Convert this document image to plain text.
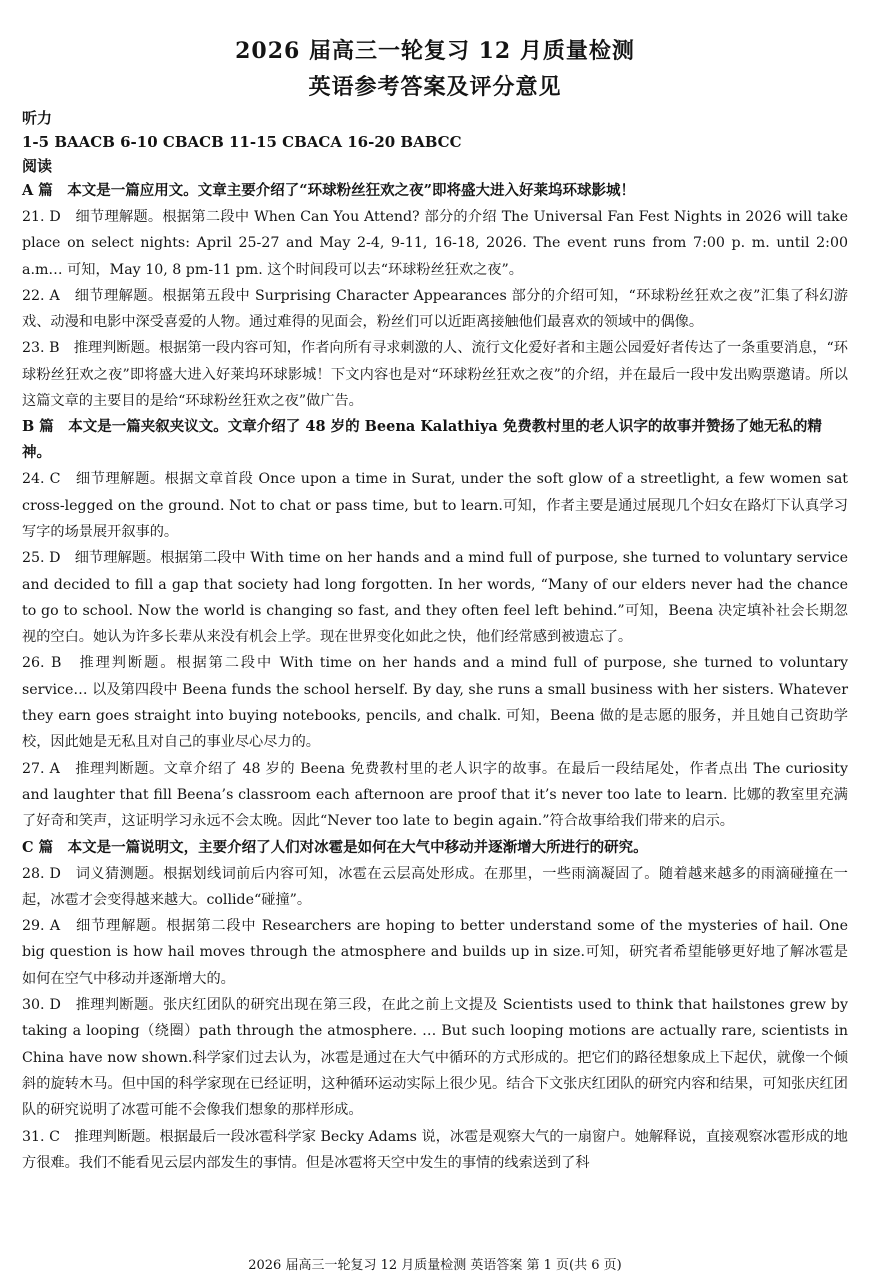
2026 届高三一轮复习 12 月质量检测
英语参考答案及评分意见

听力

1-5 BAACB 6-10 CBACB 11-15 CBACA 16-20 BABCC

阅读

A 篇　本文是一篇应用文。文章主要介绍了“环球粉丝狂欢之夜”即将盛大进入好莱坞环球影城！

21. D　细节理解题。根据第二段中 When Can You Attend? 部分的介绍 The Universal Fan Fest Nights in 2026 will take place on select nights: April 25-27 and May 2-4, 9-11, 16-18, 2026. The event runs from 7:00 p. m. until 2:00 a.m… 可知，May 10, 8 pm-11 pm. 这个时间段可以去“环球粉丝狂欢之夜”。

22. A　细节理解题。根据第五段中 Surprising Character Appearances 部分的介绍可知，“环球粉丝狂欢之夜”汇集了科幻游戏、动漫和电影中深受喜爱的人物。通过难得的见面会，粉丝们可以近距离接触他们最喜欢的领域中的偶像。

23. B　推理判断题。根据第一段内容可知，作者向所有寻求刺激的人、流行文化爱好者和主题公园爱好者传达了一条重要消息，“环球粉丝狂欢之夜”即将盛大进入好莱坞环球影城！下文内容也是对“环球粉丝狂欢之夜”的介绍，并在最后一段中发出购票邀请。所以这篇文章的主要目的是给“环球粉丝狂欢之夜”做广告。

B 篇　本文是一篇夹叙夹议文。文章介绍了 48 岁的 Beena Kalathiya 免费教村里的老人识字的故事并赞扬了她无私的精神。

24. C　细节理解题。根据文章首段 Once upon a time in Surat, under the soft glow of a streetlight, a few women sat cross-legged on the ground. Not to chat or pass time, but to learn.可知，作者主要是通过展现几个妇女在路灯下认真学习写字的场景展开叙事的。

25. D　细节理解题。根据第二段中 With time on her hands and a mind full of purpose, she turned to voluntary service and decided to fill a gap that society had long forgotten. In her words, “Many of our elders never had the chance to go to school. Now the world is changing so fast, and they often feel left behind.”可知，Beena 决定填补社会长期忽视的空白。她认为许多长辈从来没有机会上学。现在世界变化如此之快，他们经常感到被遗忘了。

26. B　推理判断题。根据第二段中 With time on her hands and a mind full of purpose, she turned to voluntary service… 以及第四段中 Beena funds the school herself. By day, she runs a small business with her sisters. Whatever they earn goes straight into buying notebooks, pencils, and chalk. 可知，Beena 做的是志愿的服务，并且她自己资助学校，因此她是无私且对自己的事业尽心尽力的。

27. A　推理判断题。文章介绍了 48 岁的 Beena 免费教村里的老人识字的故事。在最后一段结尾处，作者点出 The curiosity and laughter that fill Beena’s classroom each afternoon are proof that it’s never too late to learn. 比娜的教室里充满了好奇和笑声，这证明学习永远不会太晚。因此“Never too late to begin again.”符合故事给我们带来的启示。

C 篇　本文是一篇说明文，主要介绍了人们对冰雹是如何在大气中移动并逐渐增大所进行的研究。

28. D　词义猜测题。根据划线词前后内容可知，冰雹在云层高处形成。在那里，一些雨滴凝固了。随着越来越多的雨滴碰撞在一起，冰雹才会变得越来越大。collide“碰撞”。

29. A　细节理解题。根据第二段中 Researchers are hoping to better understand some of the mysteries of hail. One big question is how hail moves through the atmosphere and builds up in size.可知，研究者希望能够更好地了解冰雹是如何在空气中移动并逐渐增大的。

30. D　推理判断题。张庆红团队的研究出现在第三段，在此之前上文提及 Scientists used to think that hailstones grew by taking a looping（绕圈）path through the atmosphere. … But such looping motions are actually rare, scientists in China have now shown.科学家们过去认为，冰雹是通过在大气中循环的方式形成的。把它们的路径想象成上下起伏，就像一个倾斜的旋转木马。但中国的科学家现在已经证明，这种循环运动实际上很少见。结合下文张庆红团队的研究内容和结果，可知张庆红团队的研究说明了冰雹可能不会像我们想象的那样形成。

31. C　推理判断题。根据最后一段冰雹科学家 Becky Adams 说，冰雹是观察大气的一扇窗户。她解释说，直接观察冰雹形成的地方很难。我们不能看见云层内部发生的事情。但是冰雹将天空中发生的事情的线索送到了科

2026 届高三一轮复习 12 月质量检测 英语答案 第 1 页(共 6 页)
